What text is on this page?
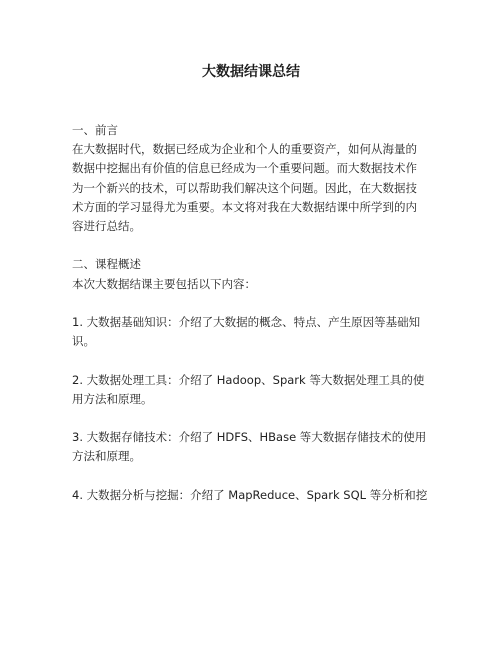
大数据结课总结
一、前言
在大数据时代，数据已经成为企业和个人的重要资产，如何从海量的数据中挖掘出有价值的信息已经成为一个重要问题。而大数据技术作为一个新兴的技术，可以帮助我们解决这个问题。因此，在大数据技术方面的学习显得尤为重要。本文将对我在大数据结课中所学到的内容进行总结。
二、课程概述
本次大数据结课主要包括以下内容：
1. 大数据基础知识：介绍了大数据的概念、特点、产生原因等基础知识。
2. 大数据处理工具：介绍了 Hadoop、Spark 等大数据处理工具的使用方法和原理。
3. 大数据存储技术：介绍了 HDFS、HBase 等大数据存储技术的使用方法和原理。
4. 大数据分析与挖掘：介绍了 MapReduce、Spark SQL 等分析和挖
